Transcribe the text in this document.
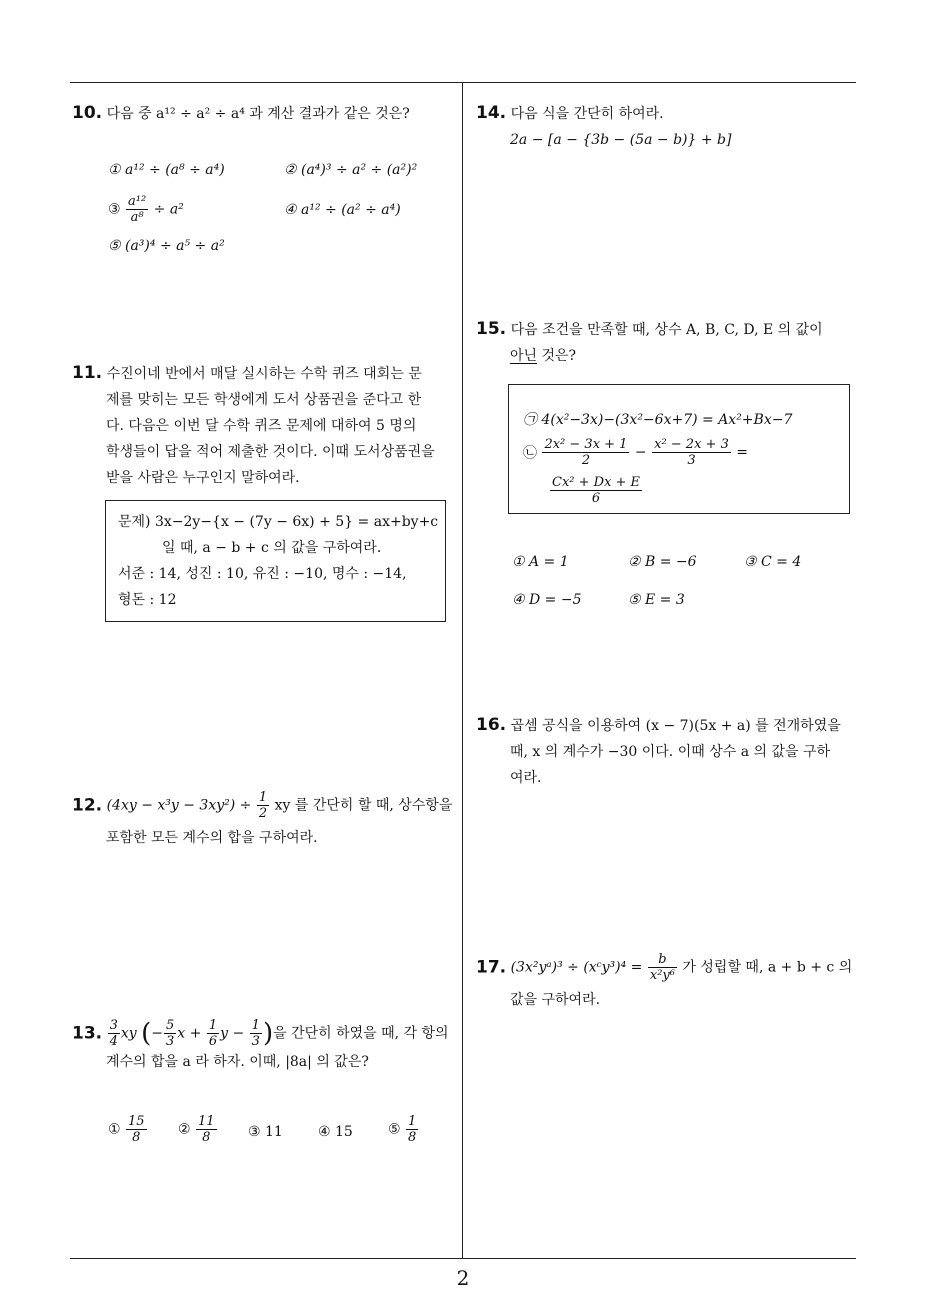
10. 다음 중 a¹² ÷ a² ÷ a⁴ 과 계산 결과가 같은 것은?
① a¹² ÷ (a⁸ ÷ a⁴)	② (a⁴)³ ÷ a² ÷ (a²)²
③ $\frac{\text{a¹²}}{\text{a⁸}} \div a^2$	④ a¹² ÷ (a² ÷ a⁴)
⑤ (a³)⁴ ÷ a⁵ ÷ a²
11. 수진이네 반에서 매달 실시하는 수학 퀴즈 대회는 문
제를 맞히는 모든 학생에게 도서 상품권을 준다고 한
다. 다음은 이번 달 수학 퀴즈 문제에 대하여 5 명의
학생들이 답을 적어 제출한 것이다. 이때 도서상품권을
받을 사람은 누구인지 말하여라.
문제) 3x−2y−{x − (7y − 6x) + 5} = ax+by+c
일 때, a − b + c 의 값을 구하여라.
서준 : 14, 성진 : 10, 유진 : −10, 명수 : −14,
형돈 : 12
12. $(4xy - x^3y - 3xy^2) \div \frac{1}{2}$ xy 를 간단히 할 때, 상수항을
포함한 모든 계수의 합을 구하여라.
13. $\frac{3}{4}$ xy (− $\frac{5}{3}$ $x + \frac{1}{6}$ $y - \frac{1}{3}$ )을 간단히 하였을 때, 각 항의
계수의 합을 a 라 하자. 이때, |8a| 의 값은?
① $\frac{15}{8}$ ② $\frac{11}{8}$ ③ 11	④ 15	⑤ $\frac{1}{8}$
14. 다음 식을 간단히 하여라.
2a − [a − {3b − (5a − b)} + b]
15. 다음 조건을 만족할 때, 상수 A, B, C, D, E 의 값이
아닌 것은?
㉠ 4(x²−3x)−(3x²−6x+7) = Ax²+Bx−7
㉡ $\frac{\text{2x² − 3x + 1}}{2} - \frac{\text{x² − 2x + 3}}{3}$ =
$\frac{\text{Cx² + Dx + E}}{6}$
① A = 1	② B = −6	③ C = 4
④ D = −5	⑤ E = 3
16. 곱셈 공식을 이용하여 (x − 7)(5x + a) 를 전개하였을
때, x 의 계수가 −30 이다. 이때 상수 a 의 값을 구하
여라.
17. (3x²yᵃ)³ ÷ (xᶜy³)⁴ = $\frac{b}{\text{x²y⁶}}$ 가 성립할 때, a + b + c 의
값을 구하여라.
2
